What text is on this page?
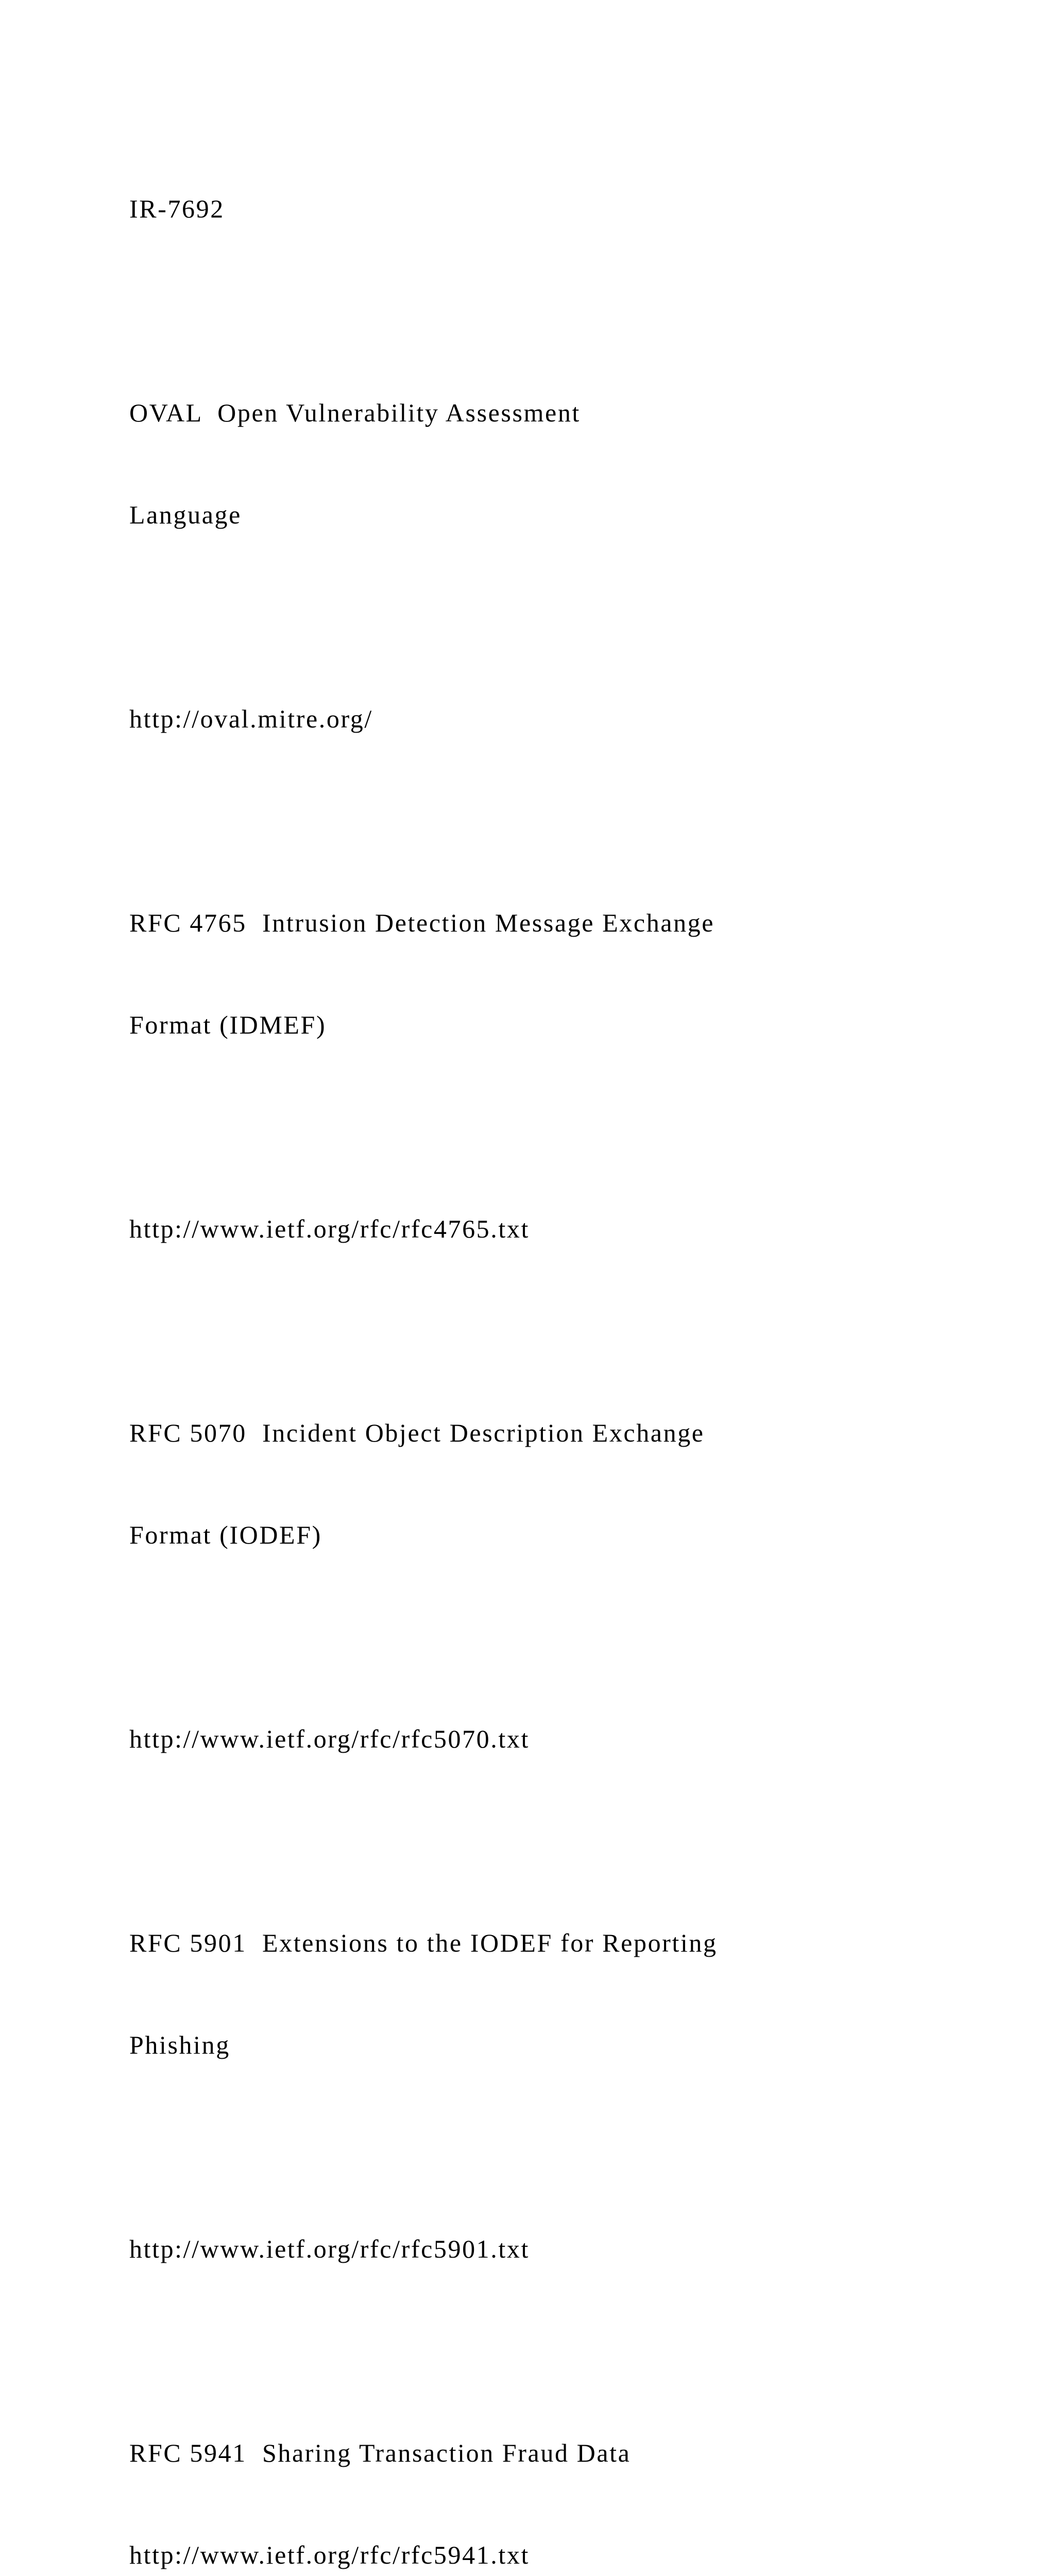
IR-7692

OVAL  Open Vulnerability Assessment

Language

http://oval.mitre.org/

RFC 4765  Intrusion Detection Message Exchange

Format (IDMEF)

http://www.ietf.org/rfc/rfc4765.txt

RFC 5070  Incident Object Description Exchange

Format (IODEF)

http://www.ietf.org/rfc/rfc5070.txt

RFC 5901  Extensions to the IODEF for Reporting

Phishing

http://www.ietf.org/rfc/rfc5901.txt

RFC 5941  Sharing Transaction Fraud Data

http://www.ietf.org/rfc/rfc5941.txt
